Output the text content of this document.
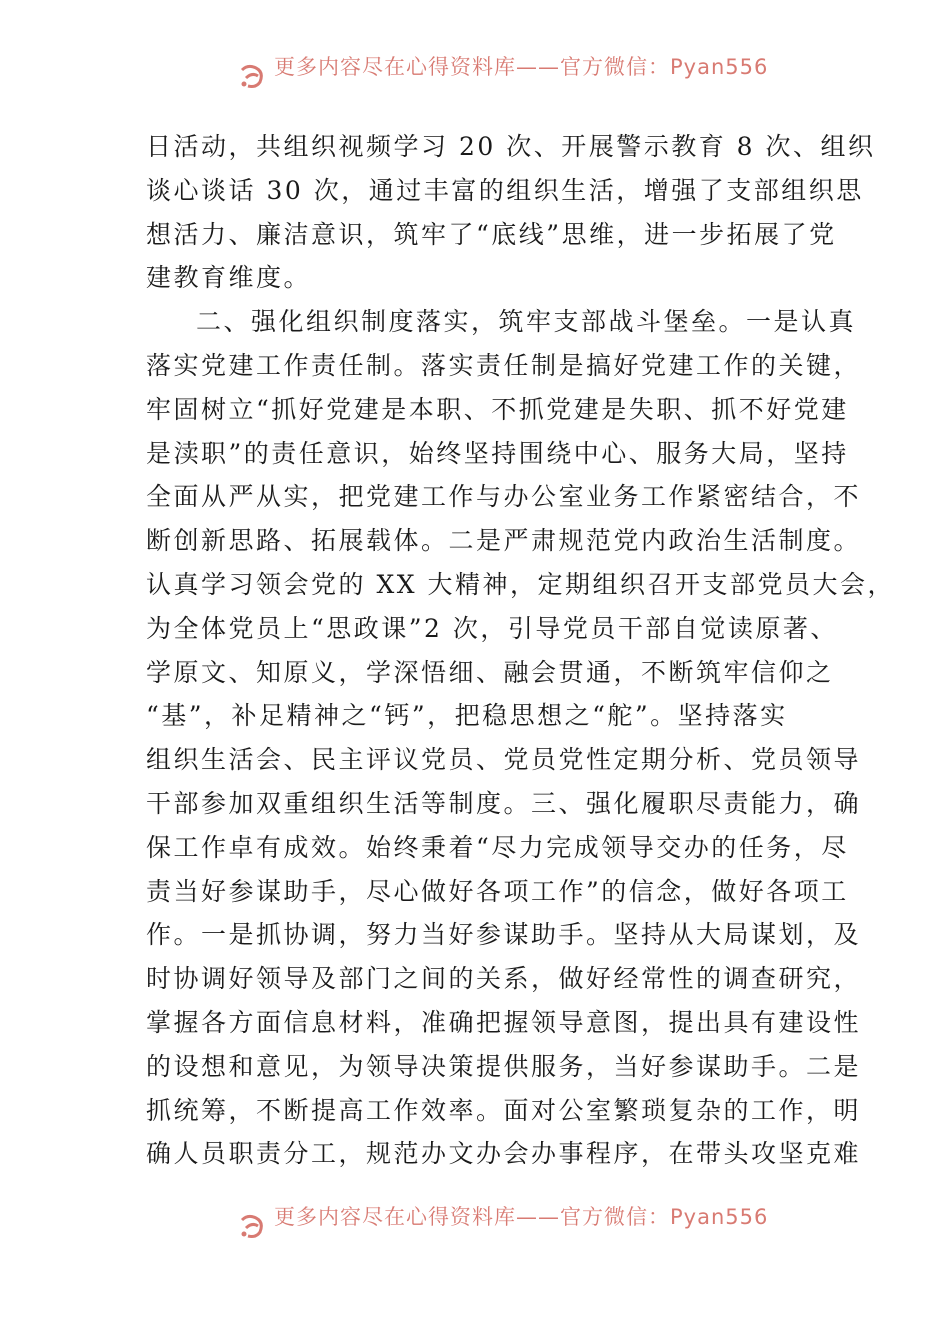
更多内容尽在心得资料库——官方微信：Pyan556
日活动，共组织视频学习 20 次、开展警示教育 8 次、组织
谈心谈话 30 次，通过丰富的组织生活，增强了支部组织思
想活力、廉洁意识，筑牢了“底线”思维，进一步拓展了党
建教育维度。
二、强化组织制度落实，筑牢支部战斗堡垒。一是认真
落实党建工作责任制。落实责任制是搞好党建工作的关键，
牢固树立“抓好党建是本职、不抓党建是失职、抓不好党建
是渎职”的责任意识，始终坚持围绕中心、服务大局，坚持
全面从严从实，把党建工作与办公室业务工作紧密结合，不
断创新思路、拓展载体。二是严肃规范党内政治生活制度。
认真学习领会党的 XX 大精神，定期组织召开支部党员大会，
为全体党员上“思政课”2 次，引导党员干部自觉读原著、
学原文、知原义，学深悟细、融会贯通，不断筑牢信仰之
“基”，补足精神之“钙”，把稳思想之“舵”。坚持落实
组织生活会、民主评议党员、党员党性定期分析、党员领导
干部参加双重组织生活等制度。三、强化履职尽责能力，确
保工作卓有成效。始终秉着“尽力完成领导交办的任务，尽
责当好参谋助手，尽心做好各项工作”的信念，做好各项工
作。一是抓协调，努力当好参谋助手。坚持从大局谋划，及
时协调好领导及部门之间的关系，做好经常性的调查研究，
掌握各方面信息材料，准确把握领导意图，提出具有建设性
的设想和意见，为领导决策提供服务，当好参谋助手。二是
抓统筹，不断提高工作效率。面对公室繁琐复杂的工作，明
确人员职责分工，规范办文办会办事程序，在带头攻坚克难
更多内容尽在心得资料库——官方微信：Pyan556
